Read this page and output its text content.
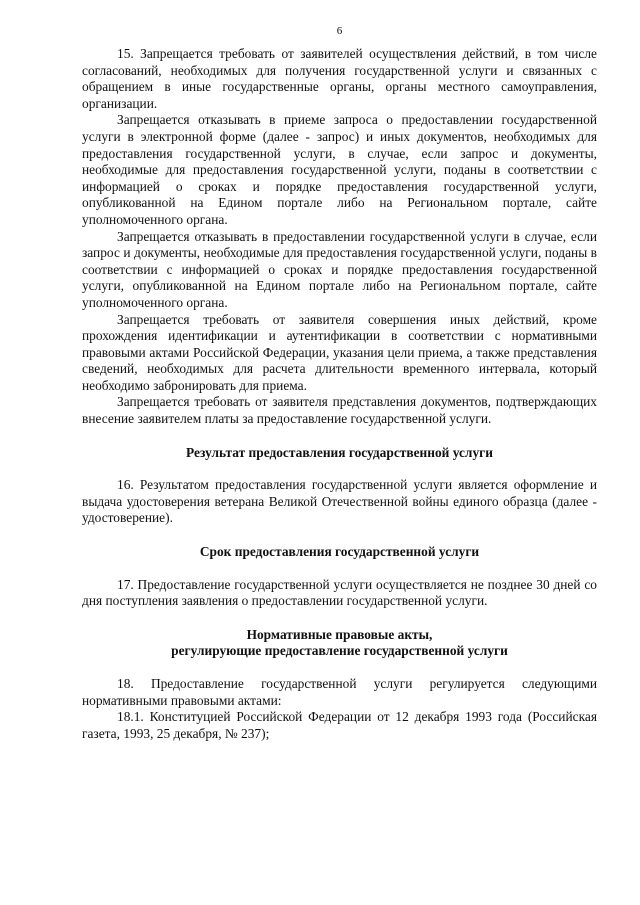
6

15. Запрещается требовать от заявителей осуществления действий, в том числе согласований, необходимых для получения государственной услуги и связанных с обращением в иные государственные органы, органы местного самоуправления, организации.

Запрещается отказывать в приеме запроса о предоставлении государственной услуги в электронной форме (далее - запрос) и иных документов, необходимых для предоставления государственной услуги, в случае, если запрос и документы, необходимые для предоставления государственной услуги, поданы в соответствии с информацией о сроках и порядке предоставления государственной услуги, опубликованной на Едином портале либо на Региональном портале, сайте уполномоченного органа.

Запрещается отказывать в предоставлении государственной услуги в случае, если запрос и документы, необходимые для предоставления государственной услуги, поданы в соответствии с информацией о сроках и порядке предоставления государственной услуги, опубликованной на Едином портале либо на Региональном портале, сайте уполномоченного органа.

Запрещается требовать от заявителя совершения иных действий, кроме прохождения идентификации и аутентификации в соответствии с нормативными правовыми актами Российской Федерации, указания цели приема, а также представления сведений, необходимых для расчета длительности временного интервала, который необходимо забронировать для приема.

Запрещается требовать от заявителя представления документов, подтверждающих внесение заявителем платы за предоставление государственной услуги.

Результат предоставления государственной услуги

16. Результатом предоставления государственной услуги является оформление и выдача удостоверения ветерана Великой Отечественной войны единого образца (далее - удостоверение).

Срок предоставления государственной услуги

17. Предоставление государственной услуги осуществляется не позднее 30 дней со дня поступления заявления о предоставлении государственной услуги.

Нормативные правовые акты,
регулирующие предоставление государственной услуги

18. Предоставление государственной услуги регулируется следующими нормативными правовыми актами:

18.1. Конституцией Российской Федерации от 12 декабря 1993 года (Российская газета, 1993, 25 декабря, № 237);
